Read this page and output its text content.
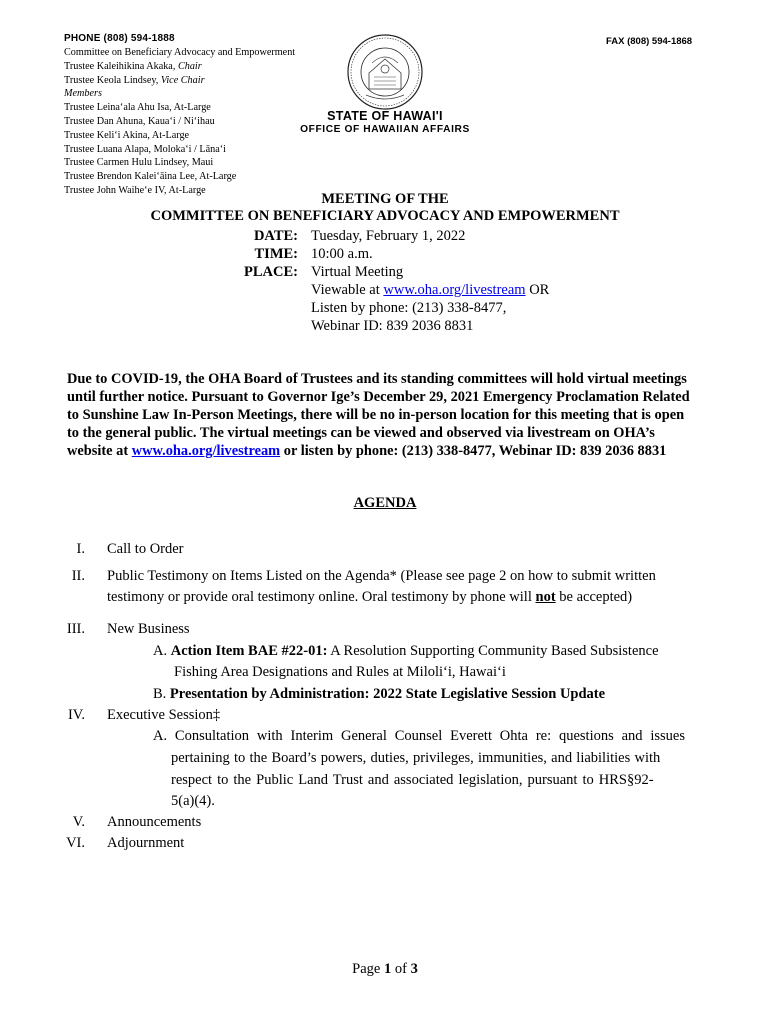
PHONE (808) 594-1888	FAX (808) 594-1868
Committee on Beneficiary Advocacy and Empowerment
Trustee Kaleihikina Akaka, Chair
Trustee Keola Lindsey, Vice Chair
Members
Trustee Leinaʻala Ahu Isa, At-Large
Trustee Dan Ahuna, Kauaʻi / Niʻihau
Trustee Keliʻi Akina, At-Large
Trustee Luana Alapa, Molokaʻi / Lānaʻi
Trustee Carmen Hulu Lindsey, Maui
Trustee Brendon Kaleiʻāina Lee, At-Large
Trustee John Waiheʻe IV, At-Large
STATE OF HAWAI'I
OFFICE OF HAWAIIAN AFFAIRS
MEETING OF THE
COMMITTEE ON BENEFICIARY ADVOCACY AND EMPOWERMENT
DATE: Tuesday, February 1, 2022
TIME: 10:00 a.m.
PLACE: Virtual Meeting
Viewable at www.oha.org/livestream OR
Listen by phone: (213) 338-8477,
Webinar ID: 839 2036 8831
Due to COVID-19, the OHA Board of Trustees and its standing committees will hold virtual meetings until further notice. Pursuant to Governor Ige’s December 29, 2021 Emergency Proclamation Related to Sunshine Law In-Person Meetings, there will be no in-person location for this meeting that is open to the general public. The virtual meetings can be viewed and observed via livestream on OHA’s website at www.oha.org/livestream or listen by phone: (213) 338-8477, Webinar ID: 839 2036 8831
AGENDA
I. Call to Order
II. Public Testimony on Items Listed on the Agenda* (Please see page 2 on how to submit written
testimony or provide oral testimony online. Oral testimony by phone will not be accepted)
III. New Business
A. Action Item BAE #22-01: A Resolution Supporting Community Based Subsistence
Fishing Area Designations and Rules at Miloliʻi, Hawaiʻi
B. Presentation by Administration: 2022 State Legislative Session Update
IV. Executive Session‡
A. Consultation with Interim General Counsel Everett Ohta re: questions and issues
pertaining to the Board’s powers, duties, privileges, immunities, and liabilities with
respect to the Public Land Trust and associated legislation, pursuant to HRS§92-
5(a)(4).
V. Announcements
VI. Adjournment
Page 1 of 3
